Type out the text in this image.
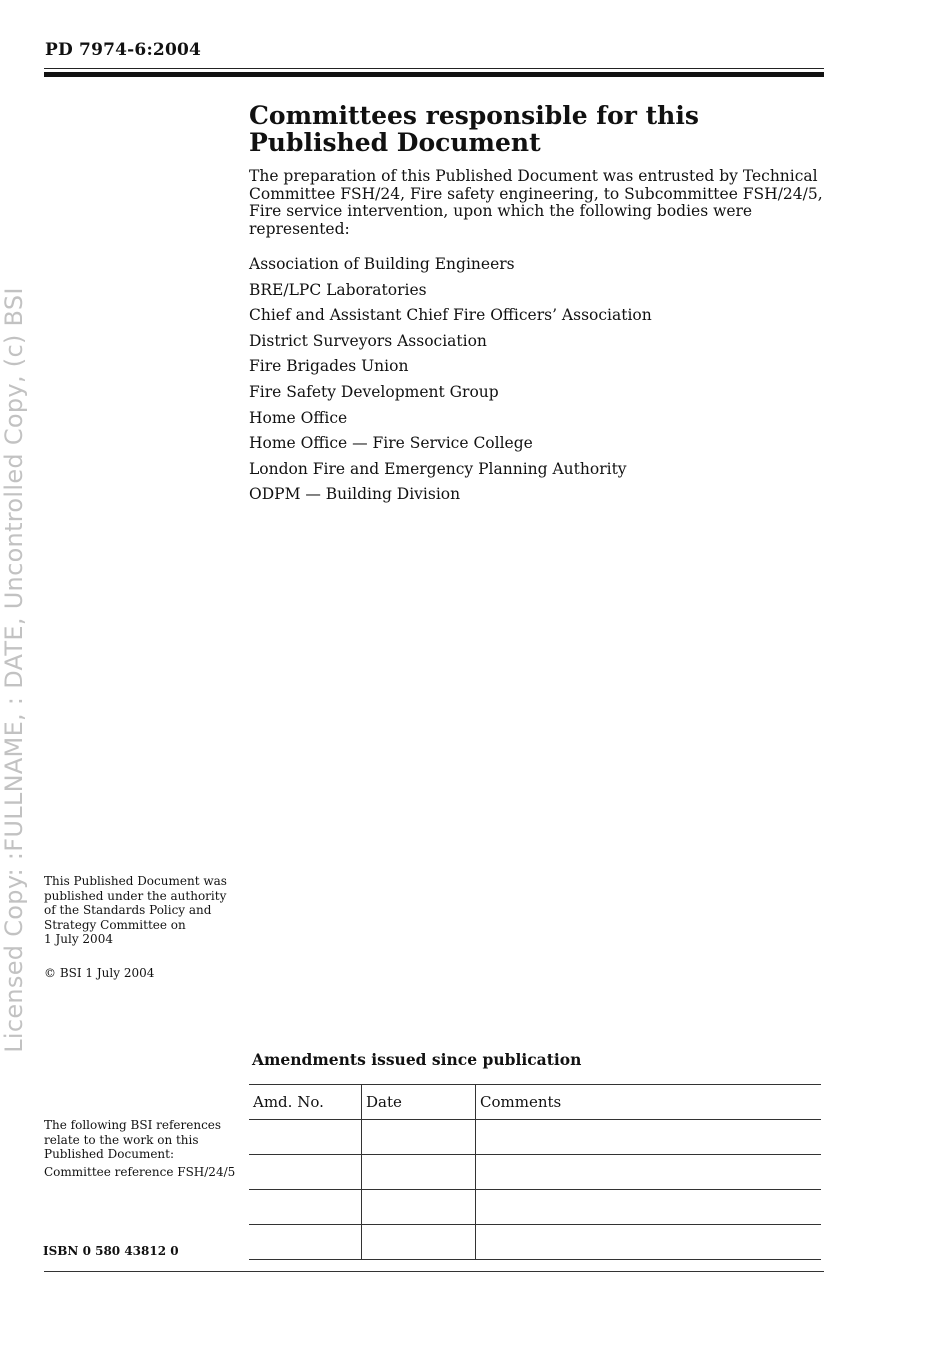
PD 7974-6:2004
Licensed Copy: :FULLNAME, : DATE, Uncontrolled Copy, (c) BSI
Committees responsible for this
Published Document
The preparation of this Published Document was entrusted by Technical Committee FSH/24, Fire safety engineering, to Subcommittee FSH/24/5, Fire service intervention, upon which the following bodies were represented:
Association of Building Engineers
BRE/LPC Laboratories
Chief and Assistant Chief Fire Officers’ Association
District Surveyors Association
Fire Brigades Union
Fire Safety Development Group
Home Office
Home Office — Fire Service College
London Fire and Emergency Planning Authority
ODPM — Building Division
This Published Document was
published under the authority
of the Standards Policy and
Strategy Committee on
1 July 2004
© BSI 1 July 2004
Amendments issued since publication
Amd. No.	Date	Comments

The following BSI references
relate to the work on this
Published Document:
Committee reference FSH/24/5
ISBN 0 580 43812 0
